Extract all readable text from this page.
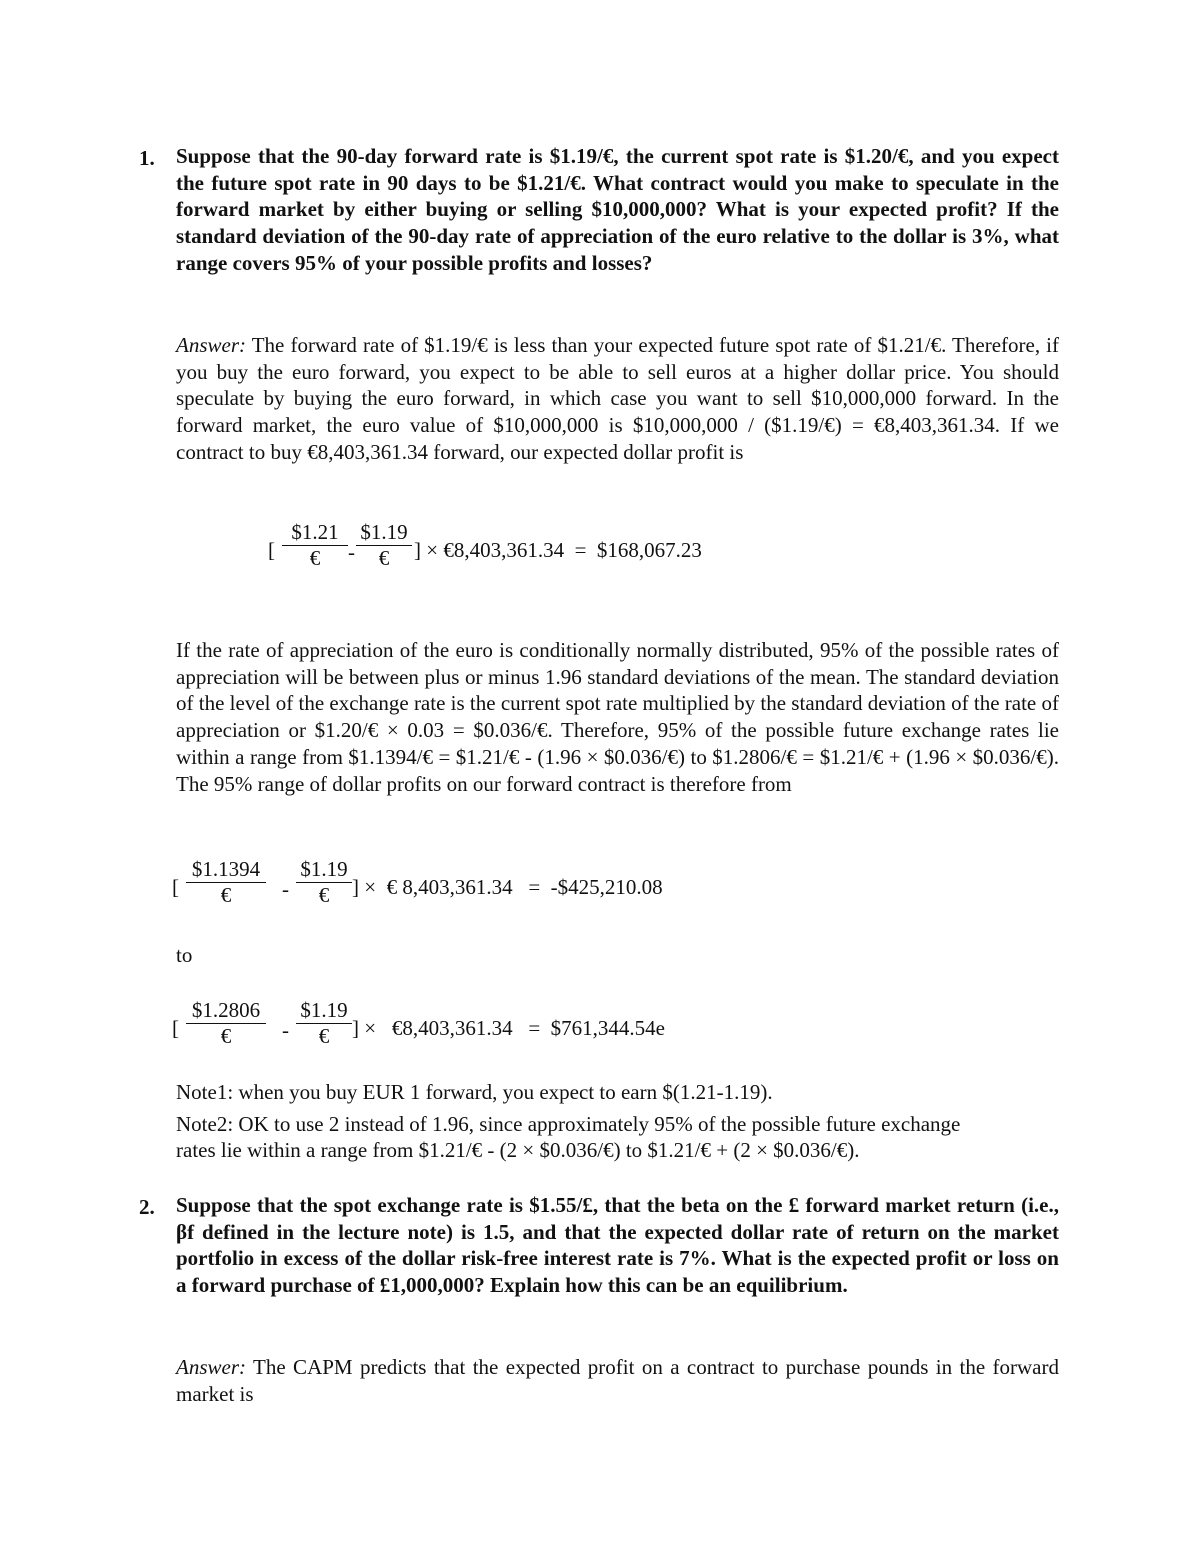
1. Suppose that the 90-day forward rate is $1.19/€, the current spot rate is $1.20/€, and you expect the future spot rate in 90 days to be $1.21/€. What contract would you make to speculate in the forward market by either buying or selling $10,000,000? What is your expected profit? If the standard deviation of the 90-day rate of appreciation of the euro relative to the dollar is 3%, what range covers 95% of your possible profits and losses?
Answer: The forward rate of $1.19/€ is less than your expected future spot rate of $1.21/€. Therefore, if you buy the euro forward, you expect to be able to sell euros at a higher dollar price. You should speculate by buying the euro forward, in which case you want to sell $10,000,000 forward. In the forward market, the euro value of $10,000,000 is $10,000,000 / ($1.19/€) = €8,403,361.34. If we contract to buy €8,403,361.34 forward, our expected dollar profit is
[
$1.21
€	-
$1.19
€	] × €8,403,361.34  =  $168,067.23
If the rate of appreciation of the euro is conditionally normally distributed, 95% of the possible rates of appreciation will be between plus or minus 1.96 standard deviations of the mean. The standard deviation of the level of the exchange rate is the current spot rate multiplied by the standard deviation of the rate of appreciation or $1.20/€ × 0.03 = $0.036/€. Therefore, 95% of the possible future exchange rates lie within a range from $1.1394/€ = $1.21/€ - (1.96 × $0.036/€) to $1.2806/€ = $1.21/€ + (1.96 × $0.036/€). The 95% range of dollar profits on our forward contract is therefore from
[
$1.1394
€	-
$1.19
€	] ×  € 8,403,361.34   =  -$425,210.08
to
[
$1.2806
€	-
$1.19
€	] ×   €8,403,361.34   =  $761,344.54e
Note1: when you buy EUR 1 forward, you expect to earn $(1.21-1.19).
Note2: OK to use 2 instead of 1.96, since approximately 95% of the possible future exchange
rates lie within a range from $1.21/€ - (2 × $0.036/€) to $1.21/€ + (2 × $0.036/€).
2. Suppose that the spot exchange rate is $1.55/£, that the beta on the £ forward market return (i.e., βf defined in the lecture note) is 1.5, and that the expected dollar rate of return on the market portfolio in excess of the dollar risk-free interest rate is 7%. What is the expected profit or loss on a forward purchase of £1,000,000? Explain how this can be an equilibrium.
Answer: The CAPM predicts that the expected profit on a contract to purchase pounds in the forward market is
